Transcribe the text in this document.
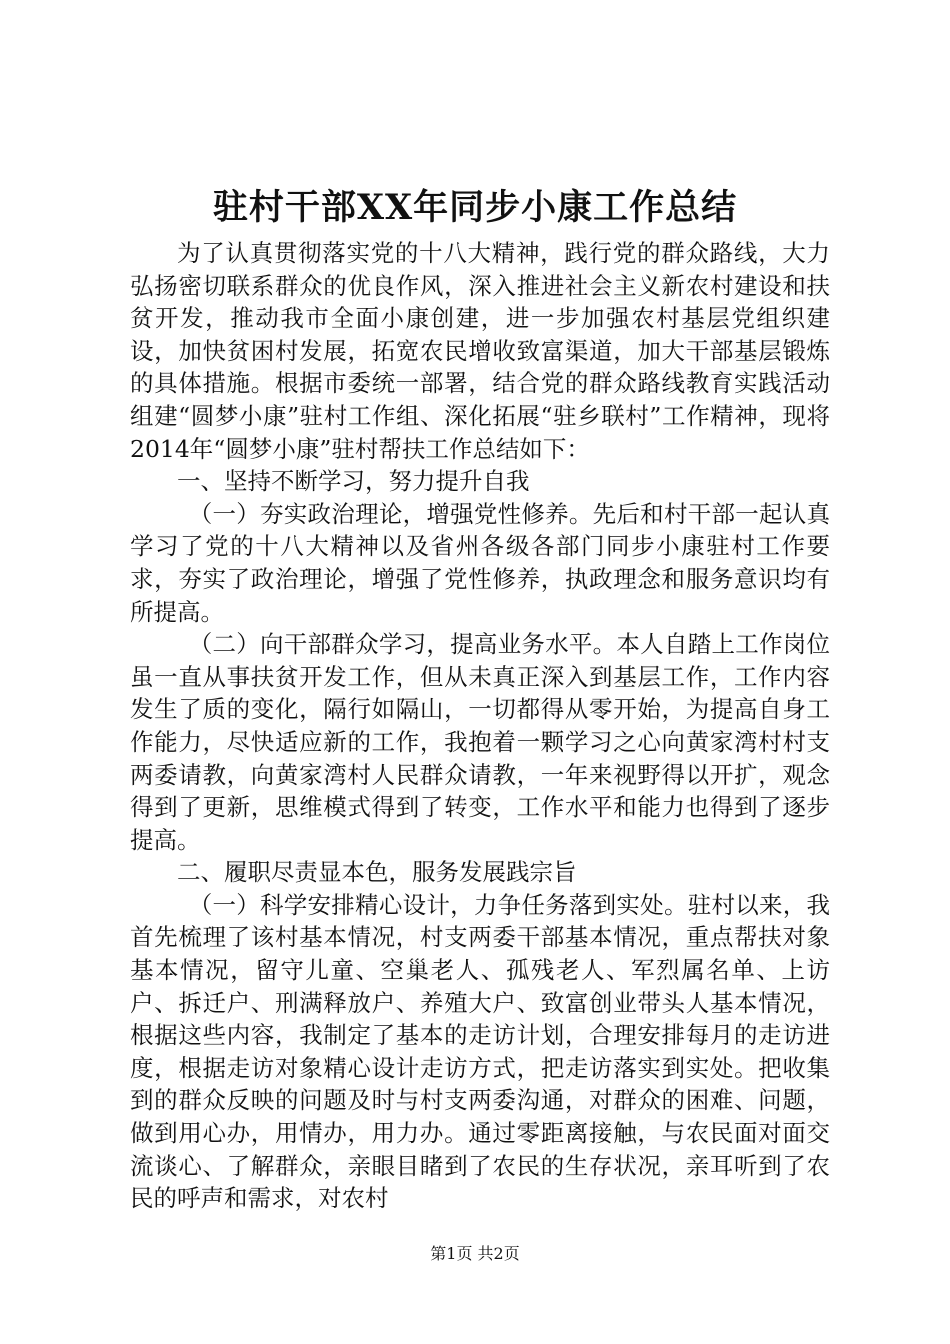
驻村干部XX年同步小康工作总结

为了认真贯彻落实党的十八大精神，践行党的群众路线，大力弘扬密切联系群众的优良作风，深入推进社会主义新农村建设和扶贫开发，推动我市全面小康创建，进一步加强农村基层党组织建设，加快贫困村发展，拓宽农民增收致富渠道，加大干部基层锻炼的具体措施。根据市委统一部署，结合党的群众路线教育实践活动组建“圆梦小康”驻村工作组、深化拓展“驻乡联村”工作精神，现将2014年“圆梦小康”驻村帮扶工作总结如下：

一、坚持不断学习，努力提升自我

（一）夯实政治理论，增强党性修养。先后和村干部一起认真学习了党的十八大精神以及省州各级各部门同步小康驻村工作要求，夯实了政治理论，增强了党性修养，执政理念和服务意识均有所提高。

（二）向干部群众学习，提高业务水平。本人自踏上工作岗位虽一直从事扶贫开发工作，但从未真正深入到基层工作，工作内容发生了质的变化，隔行如隔山，一切都得从零开始，为提高自身工作能力，尽快适应新的工作，我抱着一颗学习之心向黄家湾村村支两委请教，向黄家湾村人民群众请教，一年来视野得以开扩，观念得到了更新，思维模式得到了转变，工作水平和能力也得到了逐步提高。

二、履职尽责显本色，服务发展践宗旨

（一）科学安排精心设计，力争任务落到实处。驻村以来，我首先梳理了该村基本情况，村支两委干部基本情况，重点帮扶对象基本情况，留守儿童、空巢老人、孤残老人、军烈属名单、上访户、拆迁户、刑满释放户、养殖大户、致富创业带头人基本情况，根据这些内容，我制定了基本的走访计划，合理安排每月的走访进度，根据走访对象精心设计走访方式，把走访落实到实处。把收集到的群众反映的问题及时与村支两委沟通，对群众的困难、问题，做到用心办，用情办，用力办。通过零距离接触，与农民面对面交流谈心、了解群众，亲眼目睹到了农民的生存状况，亲耳听到了农民的呼声和需求，对农村

第1页 共2页
